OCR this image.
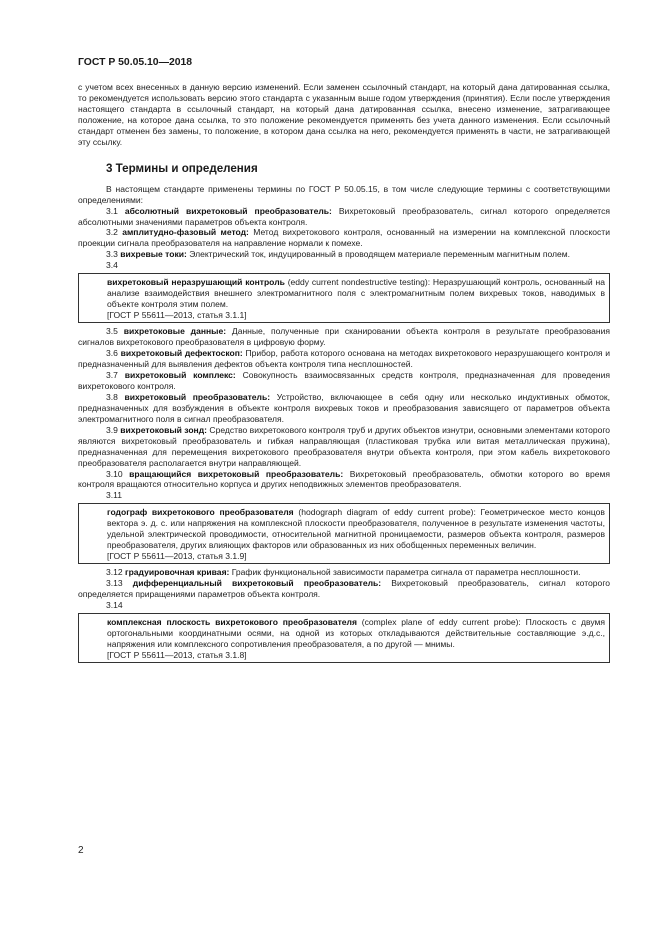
ГОСТ Р 50.05.10—2018

с учетом всех внесенных в данную версию изменений. Если заменен ссылочный стандарт, на который дана датированная ссылка, то рекомендуется использовать версию этого стандарта с указанным выше годом утверждения (принятия). Если после утверждения настоящего стандарта в ссылочный стандарт, на который дана датированная ссылка, внесено изменение, затрагивающее положение, на которое дана ссылка, то это положение рекомендуется применять без учета данного изменения. Если ссылочный стандарт отменен без замены, то положение, в котором дана ссылка на него, рекомендуется применять в части, не затрагивающей эту ссылку.

3 Термины и определения

В настоящем стандарте применены термины по ГОСТ Р 50.05.15, в том числе следующие термины с соответствующими определениями:

3.1 абсолютный вихретоковый преобразователь: Вихретоковый преобразователь, сигнал которого определяется абсолютными значениями параметров объекта контроля.

3.2 амплитудно-фазовый метод: Метод вихретокового контроля, основанный на измерении на комплексной плоскости проекции сигнала преобразователя на направление нормали к помехе.

3.3 вихревые токи: Электрический ток, индуцированный в проводящем материале переменным магнитным полем.

3.4

вихретоковый неразрушающий контроль (eddy current nondestructive testing): Неразрушающий контроль, основанный на анализе взаимодействия внешнего электромагнитного поля с электромагнитным полем вихревых токов, наводимых в объекте контроля этим полем.

[ГОСТ Р 55611—2013, статья 3.1.1]

3.5 вихретоковые данные: Данные, полученные при сканировании объекта контроля в результате преобразования сигналов вихретокового преобразователя в цифровую форму.

3.6 вихретоковый дефектоскоп: Прибор, работа которого основана на методах вихретокового неразрушающего контроля и предназначенный для выявления дефектов объекта контроля типа несплошностей.

3.7 вихретоковый комплекс: Совокупность взаимосвязанных средств контроля, предназначенная для проведения вихретокового контроля.

3.8 вихретоковый преобразователь: Устройство, включающее в себя одну или несколько индуктивных обмоток, предназначенных для возбуждения в объекте контроля вихревых токов и преобразования зависящего от параметров объекта электромагнитного поля в сигнал преобразователя.

3.9 вихретоковый зонд: Средство вихретокового контроля труб и других объектов изнутри, основными элементами которого являются вихретоковый преобразователь и гибкая направляющая (пластиковая трубка или витая металлическая пружина), предназначенная для перемещения вихретокового преобразователя внутри объекта контроля, при этом кабель вихретокового преобразователя располагается внутри направляющей.

3.10 вращающийся вихретоковый преобразователь: Вихретоковый преобразователь, обмотки которого во время контроля вращаются относительно корпуса и других неподвижных элементов преобразователя.

3.11

годограф вихретокового преобразователя (hodograph diagram of eddy current probe): Геометрическое место концов вектора э. д. с. или напряжения на комплексной плоскости преобразователя, полученное в результате изменения частоты, удельной электрической проводимости, относительной магнитной проницаемости, размеров объекта контроля, размеров преобразователя, других влияющих факторов или образованных из них обобщенных переменных величин.

[ГОСТ Р 55611—2013, статья 3.1.9]

3.12 градуировочная кривая: График функциональной зависимости параметра сигнала от параметра несплошности.

3.13 дифференциальный вихретоковый преобразователь: Вихретоковый преобразователь, сигнал которого определяется приращениями параметров объекта контроля.

3.14

комплексная плоскость вихретокового преобразователя (complex plane of eddy current probe): Плоскость с двумя ортогональными координатными осями, на одной из которых откладываются действительные составляющие э.д.с., напряжения или комплексного сопротивления преобразователя, а по другой — мнимы.

[ГОСТ Р 55611—2013, статья 3.1.8]

2
